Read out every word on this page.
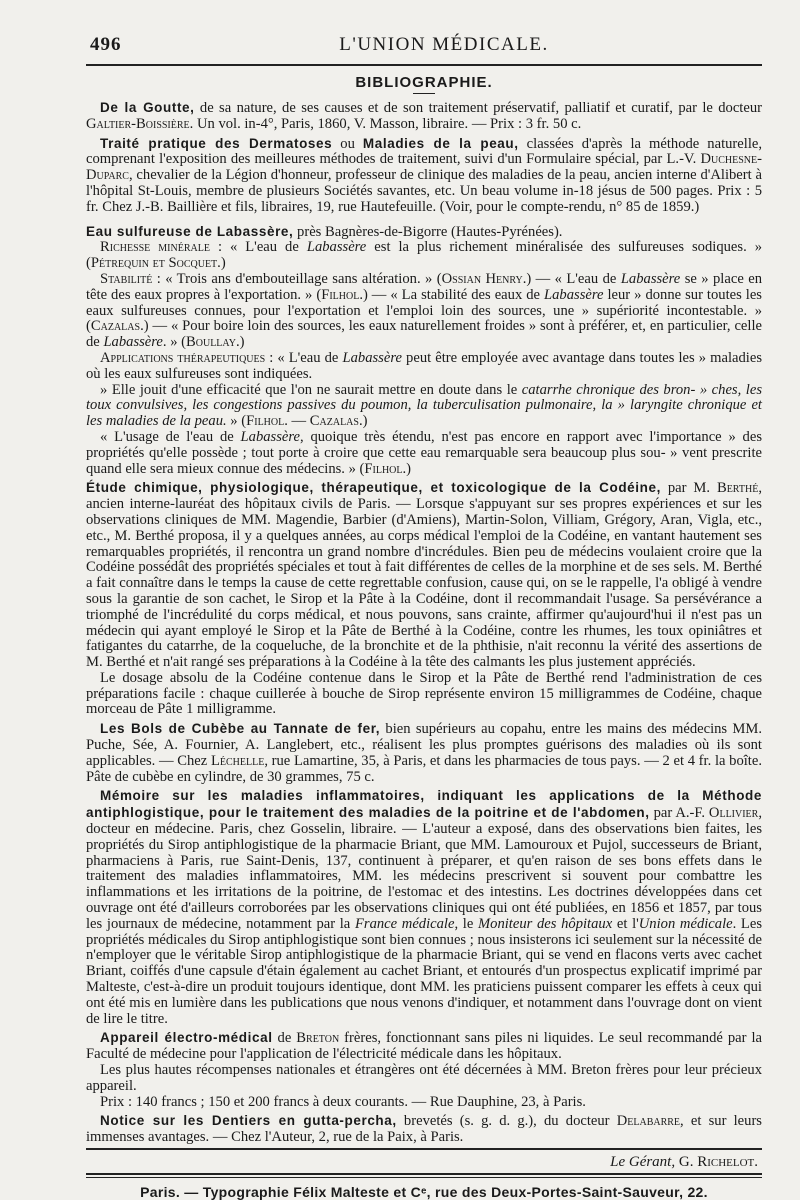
496	L'UNION MÉDICALE.
BIBLIOGRAPHIE.

De la Goutte, de sa nature, de ses causes et de son traitement préservatif, palliatif et curatif, par le docteur Galtier-Boissière. Un vol. in-4°, Paris, 1860, V. Masson, libraire. — Prix : 3 fr. 50 c.

Traité pratique des Dermatoses ou Maladies de la peau, classées d'après la méthode naturelle, comprenant l'exposition des meilleures méthodes de traitement, suivi d'un Formulaire spécial, par L.-V. Duchesne-Duparc, chevalier de la Légion d'honneur, professeur de clinique des maladies de la peau, ancien interne d'Alibert à l'hôpital St-Louis, membre de plusieurs Sociétés savantes, etc. Un beau volume in-18 jésus de 500 pages. Prix : 5 fr. Chez J.-B. Baillière et fils, libraires, 19, rue Hautefeuille. (Voir, pour le compte-rendu, n° 85 de 1859.)

Eau sulfureuse de Labassère, près Bagnères-de-Bigorre (Hautes-Pyrénées).

Richesse minérale : « L'eau de Labassère est la plus richement minéralisée des sulfureuses sodiques. » (Pétrequin et Socquet.)

Stabilité : « Trois ans d'embouteillage sans altération. » (Ossian Henry.) — « L'eau de Labassère se » place en tête des eaux propres à l'exportation. » (Filhol.) — « La stabilité des eaux de Labassère leur » donne sur toutes les eaux sulfureuses connues, pour l'exportation et l'emploi loin des sources, une » supériorité incontestable. » (Cazalas.) — « Pour boire loin des sources, les eaux naturellement froides » sont à préférer, et, en particulier, celle de Labassère. » (Boullay.)

Applications thérapeutiques : « L'eau de Labassère peut être employée avec avantage dans toutes les » maladies où les eaux sulfureuses sont indiquées.

» Elle jouit d'une efficacité que l'on ne saurait mettre en doute dans le catarrhe chronique des bron- » ches, les toux convulsives, les congestions passives du poumon, la tuberculisation pulmonaire, la » laryngite chronique et les maladies de la peau. » (Filhol. — Cazalas.)

« L'usage de l'eau de Labassère, quoique très étendu, n'est pas encore en rapport avec l'importance » des propriétés qu'elle possède ; tout porte à croire que cette eau remarquable sera beaucoup plus sou- » vent prescrite quand elle sera mieux connue des médecins. » (Filhol.)

Étude chimique, physiologique, thérapeutique, et toxicologique de la Codéine, par M. Berthé, ancien interne-lauréat des hôpitaux civils de Paris. — Lorsque s'appuyant sur ses propres expériences et sur les observations cliniques de MM. Magendie, Barbier (d'Amiens), Martin-Solon, Villiam, Grégory, Aran, Vigla, etc., etc., M. Berthé proposa, il y a quelques années, au corps médical l'emploi de la Codéine, en vantant hautement ses remarquables propriétés, il rencontra un grand nombre d'incrédules. Bien peu de médecins voulaient croire que la Codéine possédât des propriétés spéciales et tout à fait différentes de celles de la morphine et de ses sels. M. Berthé a fait connaître dans le temps la cause de cette regrettable confusion, cause qui, on se le rappelle, l'a obligé à vendre sous la garantie de son cachet, le Sirop et la Pâte à la Codéine, dont il recommandait l'usage. Sa persévérance a triomphé de l'incrédulité du corps médical, et nous pouvons, sans crainte, affirmer qu'aujourd'hui il n'est pas un médecin qui ayant employé le Sirop et la Pâte de Berthé à la Codéine, contre les rhumes, les toux opiniâtres et fatigantes du catarrhe, de la coqueluche, de la bronchite et de la phthisie, n'ait reconnu la vérité des assertions de M. Berthé et n'ait rangé ses préparations à la Codéine à la tête des calmants les plus justement appréciés.

Le dosage absolu de la Codéine contenue dans le Sirop et la Pâte de Berthé rend l'administration de ces préparations facile : chaque cuillerée à bouche de Sirop représente environ 15 milligrammes de Codéine, chaque morceau de Pâte 1 milligramme.

Les Bols de Cubèbe au Tannate de fer, bien supérieurs au copahu, entre les mains des médecins MM. Puche, Sée, A. Fournier, A. Langlebert, etc., réalisent les plus promptes guérisons des maladies où ils sont applicables. — Chez Léchelle, rue Lamartine, 35, à Paris, et dans les pharmacies de tous pays. — 2 et 4 fr. la boîte. Pâte de cubèbe en cylindre, de 30 grammes, 75 c.

Mémoire sur les maladies inflammatoires, indiquant les applications de la Méthode antiphlogistique, pour le traitement des maladies de la poitrine et de l'abdomen, par A.-F. Ollivier, docteur en médecine. Paris, chez Gosselin, libraire. — L'auteur a exposé, dans des observations bien faites, les propriétés du Sirop antiphlogistique de la pharmacie Briant, que MM. Lamouroux et Pujol, successeurs de Briant, pharmaciens à Paris, rue Saint-Denis, 137, continuent à préparer, et qu'en raison de ses bons effets dans le traitement des maladies inflammatoires, MM. les médecins prescrivent si souvent pour combattre les inflammations et les irritations de la poitrine, de l'estomac et des intestins. Les doctrines développées dans cet ouvrage ont été d'ailleurs corroborées par les observations cliniques qui ont été publiées, en 1856 et 1857, par tous les journaux de médecine, notamment par la France médicale, le Moniteur des hôpitaux et l'Union médicale. Les propriétés médicales du Sirop antiphlogistique sont bien connues ; nous insisterons ici seulement sur la nécessité de n'employer que le véritable Sirop antiphlogistique de la pharmacie Briant, qui se vend en flacons verts avec cachet Briant, coiffés d'une capsule d'étain également au cachet Briant, et entourés d'un prospectus explicatif imprimé par Malteste, c'est-à-dire un produit toujours identique, dont MM. les praticiens puissent comparer les effets à ceux qui ont été mis en lumière dans les publications que nous venons d'indiquer, et notamment dans l'ouvrage dont on vient de lire le titre.

Appareil électro-médical de Breton frères, fonctionnant sans piles ni liquides. Le seul recommandé par la Faculté de médecine pour l'application de l'électricité médicale dans les hôpitaux.

Les plus hautes récompenses nationales et étrangères ont été décernées à MM. Breton frères pour leur précieux appareil.

Prix : 140 francs ; 150 et 200 francs à deux courants. — Rue Dauphine, 23, à Paris.

Notice sur les Dentiers en gutta-percha, brevetés (s. g. d. g.), du docteur Delabarre, et sur leurs immenses avantages. — Chez l'Auteur, 2, rue de la Paix, à Paris.

Le Gérant, G. Richelot.
Paris. — Typographie Félix Malteste et Cᵉ, rue des Deux-Portes-Saint-Sauveur, 22.
